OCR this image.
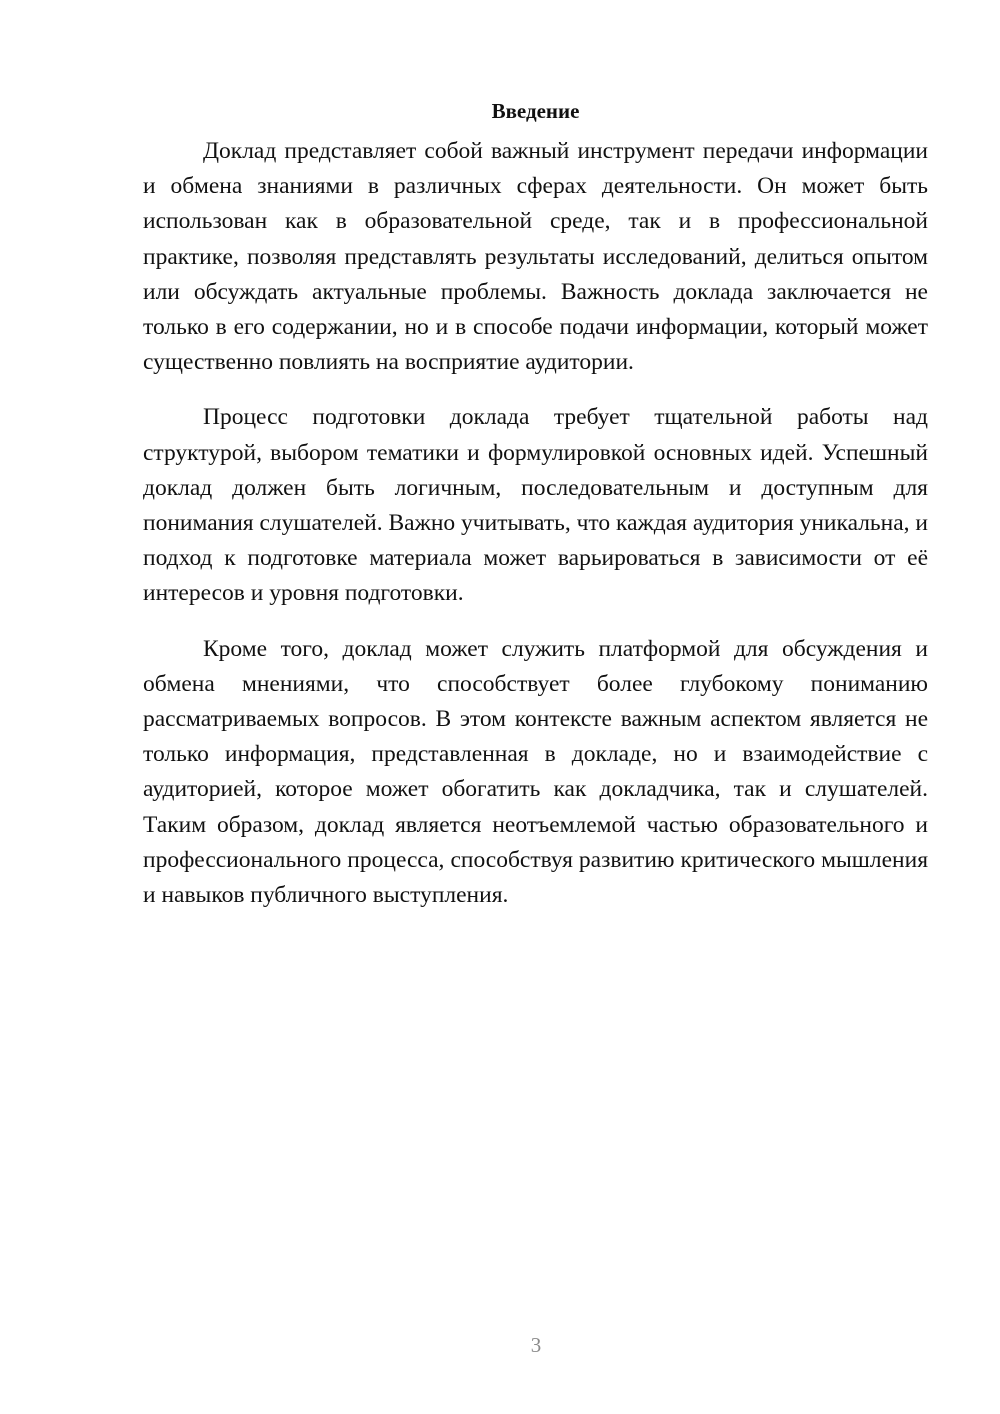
Введение

Доклад представляет собой важный инструмент передачи информации и обмена знаниями в различных сферах деятельности. Он может быть использован как в образовательной среде, так и в профессиональной практике, позволяя представлять результаты исследований, делиться опытом или обсуждать актуальные проблемы. Важность доклада заключается не только в его содержании, но и в способе подачи информации, который может существенно повлиять на восприятие аудитории.

Процесс подготовки доклада требует тщательной работы над структурой, выбором тематики и формулировкой основных идей. Успешный доклад должен быть логичным, последовательным и доступным для понимания слушателей. Важно учитывать, что каждая аудитория уникальна, и подход к подготовке материала может варьироваться в зависимости от её интересов и уровня подготовки.

Кроме того, доклад может служить платформой для обсуждения и обмена мнениями, что способствует более глубокому пониманию рассматриваемых вопросов. В этом контексте важным аспектом является не только информация, представленная в докладе, но и взаимодействие с аудиторией, которое может обогатить как докладчика, так и слушателей. Таким образом, доклад является неотъемлемой частью образовательного и профессионального процесса, способствуя развитию критического мышления и навыков публичного выступления.

3
